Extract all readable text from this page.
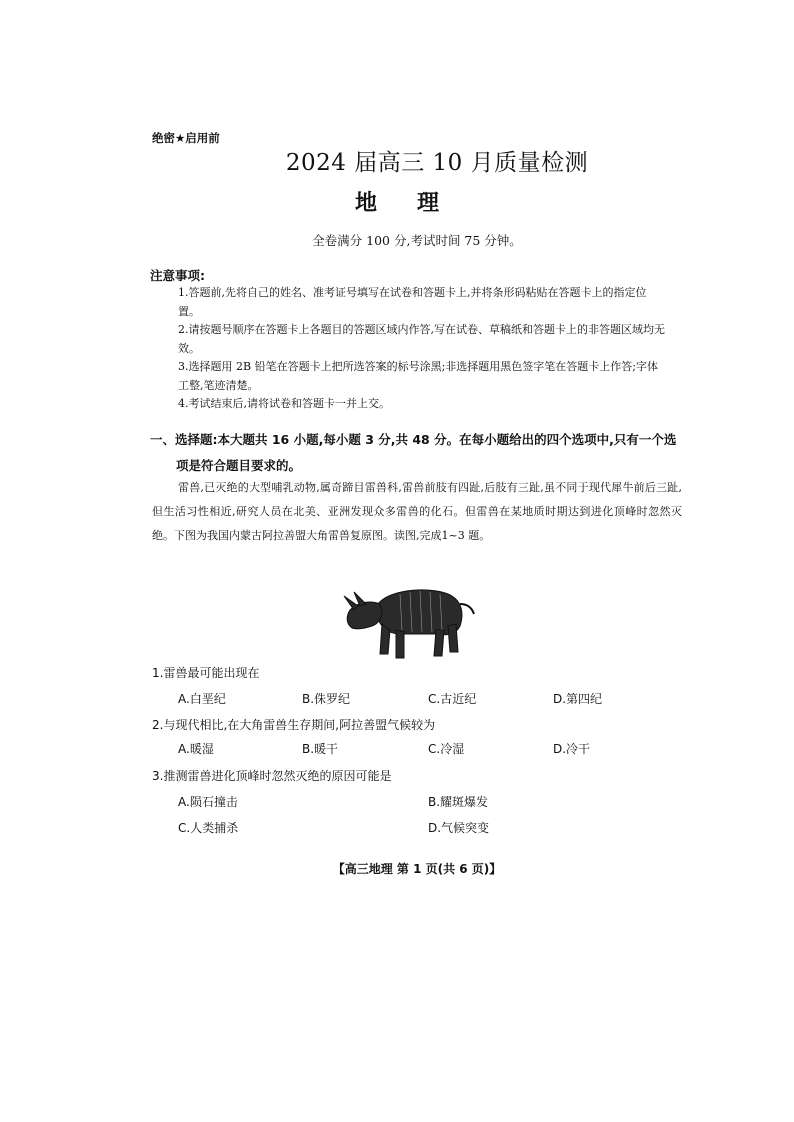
绝密★启用前
2024 届高三 10 月质量检测
地理
全卷满分 100 分,考试时间 75 分钟。
注意事项:

1.答题前,先将自己的姓名、准考证号填写在试卷和答题卡上,并将条形码粘贴在答题卡上的指定位置。

2.请按题号顺序在答题卡上各题目的答题区域内作答,写在试卷、草稿纸和答题卡上的非答题区域均无效。

3.选择题用 2B 铅笔在答题卡上把所选答案的标号涂黑;非选择题用黑色签字笔在答题卡上作答;字体工整,笔迹清楚。

4.考试结束后,请将试卷和答题卡一并上交。

一、选择题:本大题共 16 小题,每小题 3 分,共 48 分。在每小题给出的四个选项中,只有一个选
项是符合题目要求的。
雷兽,已灭绝的大型哺乳动物,属奇蹄目雷兽科,雷兽前肢有四趾,后肢有三趾,虽不同于现代犀牛前后三趾,但生活习性相近,研究人员在北美、亚洲发现众多雷兽的化石。但雷兽在某地质时期达到进化顶峰时忽然灭绝。下图为我国内蒙古阿拉善盟大角雷兽复原图。读图,完成1~3 题。
1.雷兽最可能出现在
A.白垩纪	B.侏罗纪	C.古近纪	D.第四纪
2.与现代相比,在大角雷兽生存期间,阿拉善盟气候较为
A.暖湿	B.暖干	C.冷湿	D.冷干
3.推测雷兽进化顶峰时忽然灭绝的原因可能是
A.陨石撞击	B.耀斑爆发
C.人类捕杀	D.气候突变
【高三地理 第 1 页(共 6 页)】
